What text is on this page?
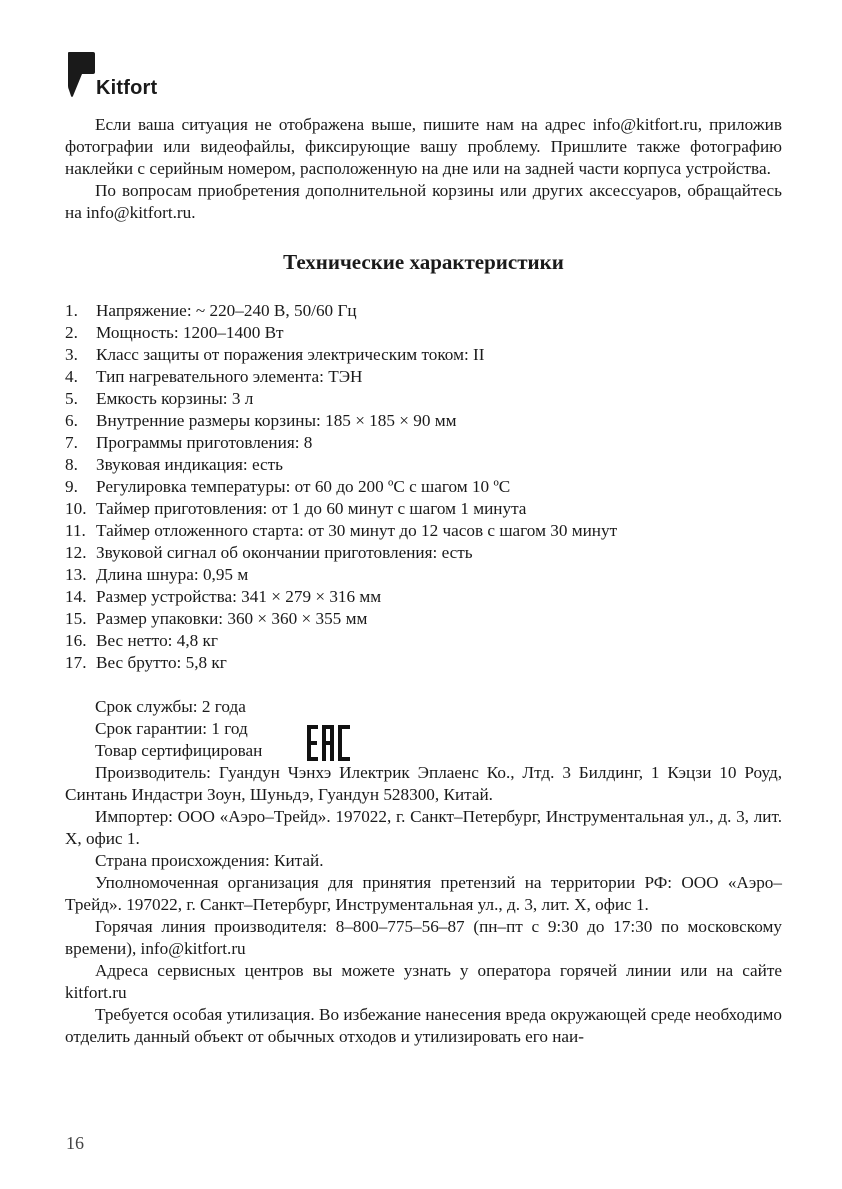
Kitfort

Если ваша ситуация не отображена выше, пишите нам на адрес info@kitfort.ru, приложив фотографии или видеофайлы, фиксирующие вашу проблему. Пришлите также фотографию наклейки с серийным номером, расположенную на дне или на задней части корпуса устройства.

По вопросам приобретения дополнительной корзины или других аксессуаров, обращайтесь на info@kitfort.ru.

Технические характеристики
1.	Напряжение: ~ 220–240 В, 50/60 Гц
2.	Мощность: 1200–1400 Вт
3.	Класс защиты от поражения электрическим током: II
4.	Тип нагревательного элемента: ТЭН
5.	Емкость корзины: 3 л
6.	Внутренние размеры корзины: 185 × 185 × 90 мм
7.	Программы приготовления: 8
8.	Звуковая индикация: есть
9.	Регулировка температуры: от 60 до 200 ºC с шагом 10 ºC
10. Таймер приготовления: от 1 до 60 минут с шагом 1 минута
11. Таймер отложенного старта: от 30 минут до 12 часов с шагом 30 минут
12. Звуковой сигнал об окончании приготовления: есть
13. Длина шнура: 0,95 м
14. Размер устройства: 341 × 279 × 316 мм
15. Размер упаковки: 360 × 360 × 355 мм
16. Вес нетто: 4,8 кг
17. Вес брутто: 5,8 кг
Срок службы: 2 года
Срок гарантии: 1 год
Товар сертифицирован

Производитель: Гуандун Чэнхэ Илектрик Эплаенс Ко., Лтд. 3 Билдинг, 1 Кэцзи 10 Роуд, Синтань Индастри Зоун, Шуньдэ, Гуандун 528300, Китай.

Импортер: ООО «Аэро–Трейд». 197022, г. Санкт–Петербург, Инструментальная ул., д. 3, лит. Х, офис 1.

Страна происхождения: Китай.

Уполномоченная организация для принятия претензий на территории РФ: ООО «Аэро–Трейд». 197022, г. Санкт–Петербург, Инструментальная ул., д. 3, лит. Х, офис 1.

Горячая линия производителя: 8–800–775–56–87 (пн–пт с 9:30 до 17:30 по московскому времени), info@kitfort.ru

Адреса сервисных центров вы можете узнать у оператора горячей линии или на сайте kitfort.ru

Требуется особая утилизация. Во избежание нанесения вреда окружающей среде необходимо отделить данный объект от обычных отходов и утилизировать его наи-

16
